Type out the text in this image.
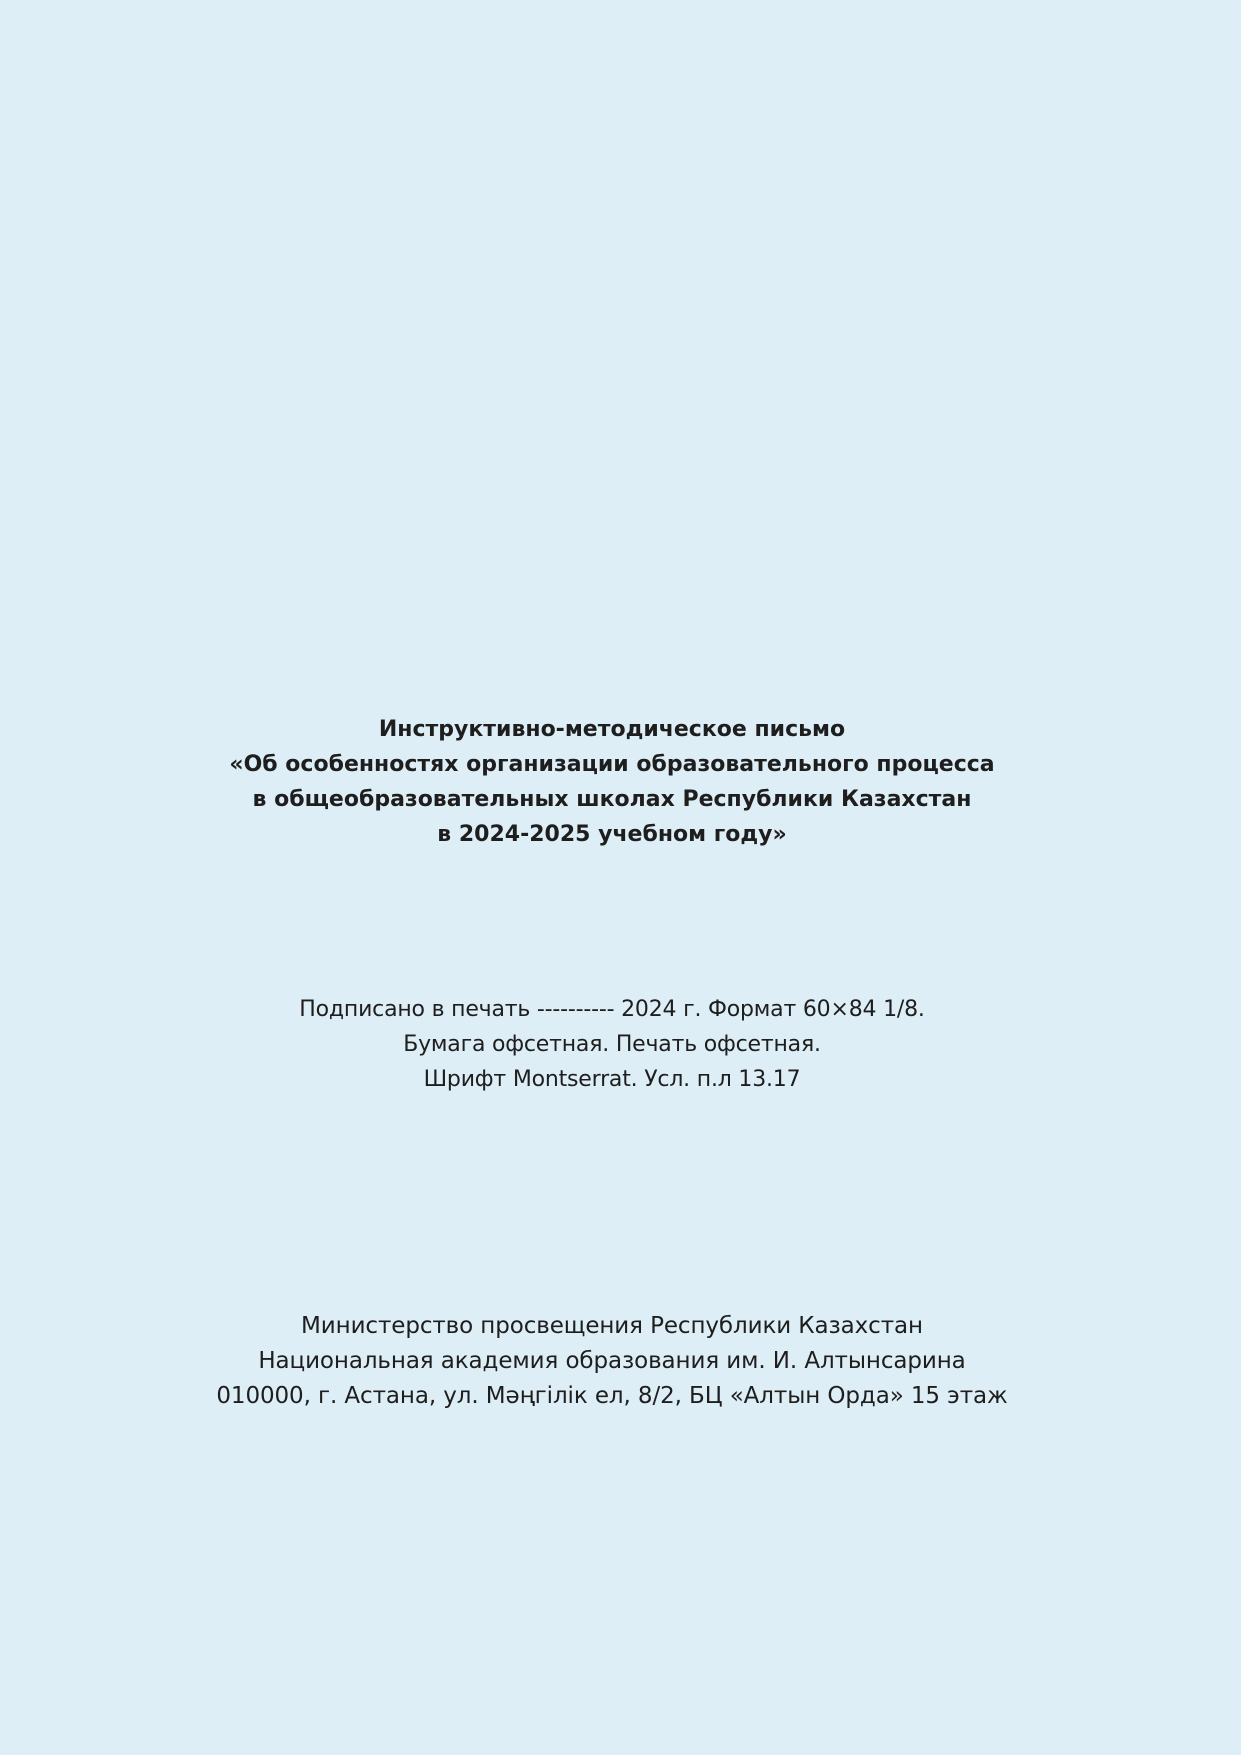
Инструктивно-методическое письмо
«Об особенностях организации образовательного процесса
в общеобразовательных школах Республики Казахстан
в 2024-2025 учебном году»
Подписано в печать ---------- 2024 г. Формат 60×84 1/8.
Бумага офсетная. Печать офсетная.
Шрифт Montserrat. Усл. п.л 13.17
Министерство просвещения Республики Казахстан
Национальная академия образования им. И. Алтынсарина
010000, г. Астана, ул. Мәңгілік ел, 8/2, БЦ «Алтын Орда» 15 этаж
